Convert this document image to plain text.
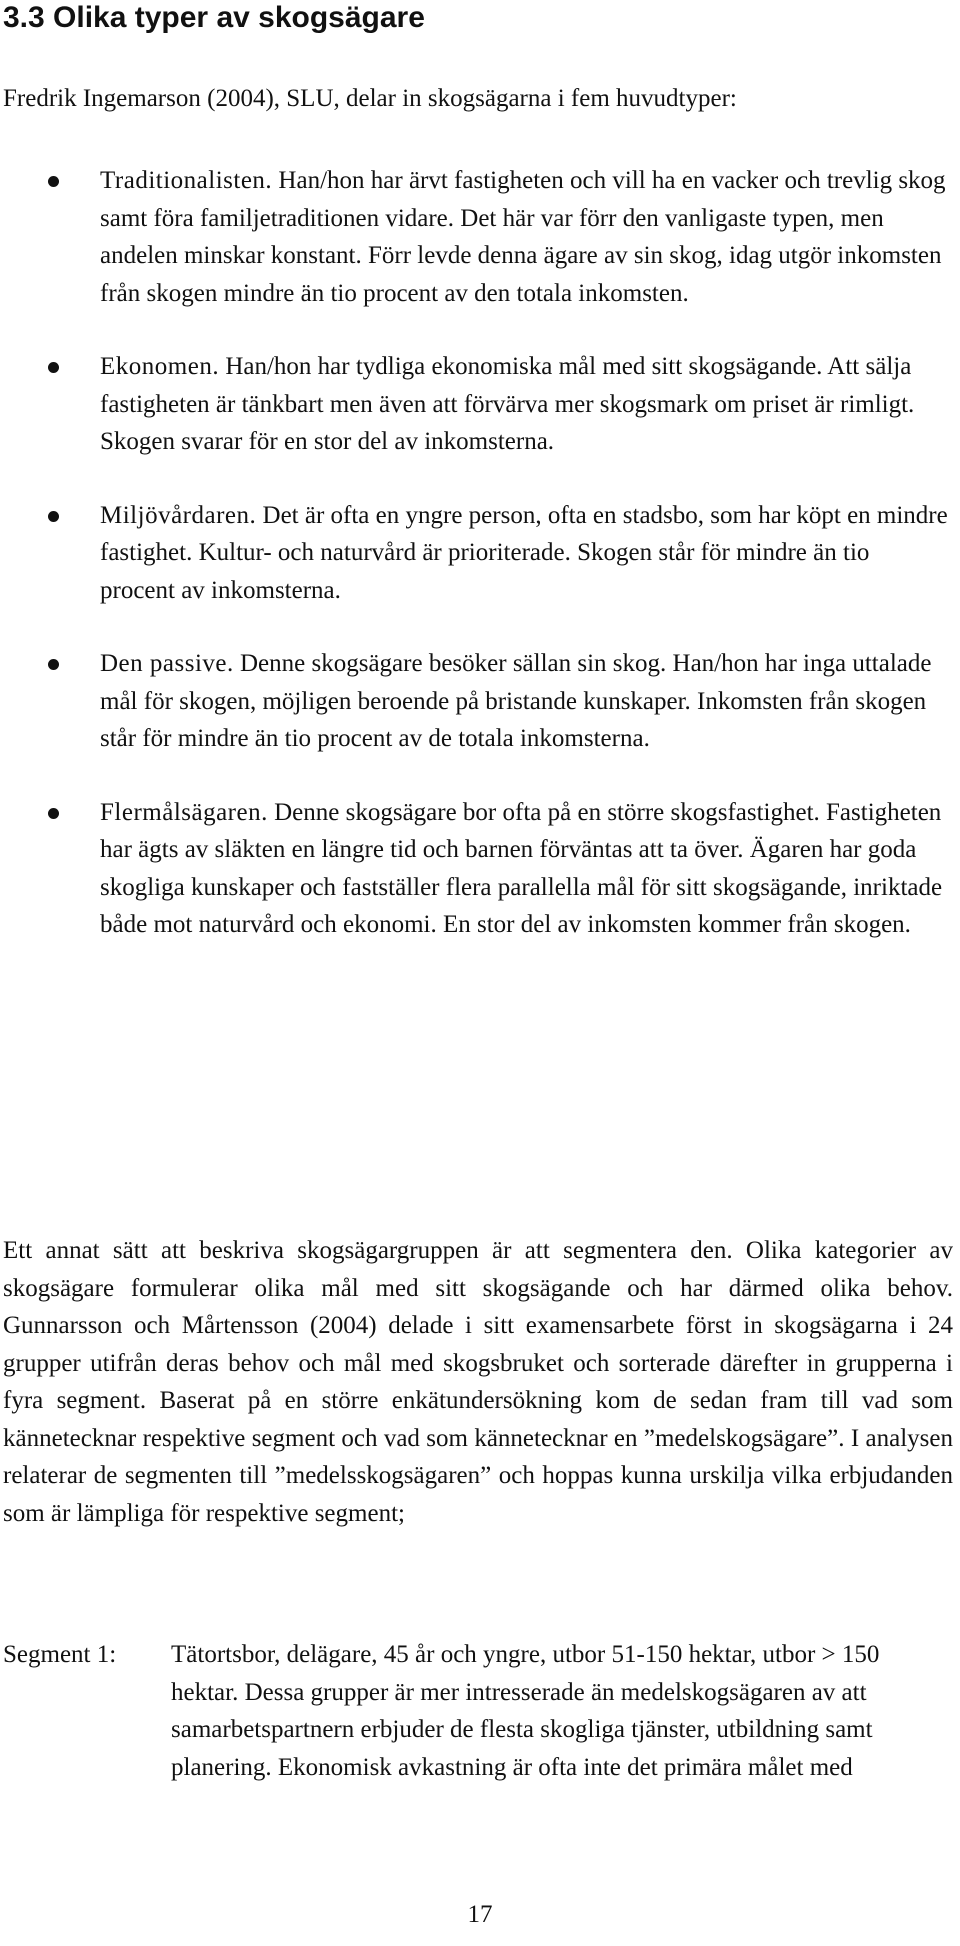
3.3 Olika typer av skogsägare

Fredrik Ingemarson (2004), SLU, delar in skogsägarna i fem huvudtyper:

Traditionalisten. Han/hon har ärvt fastigheten och vill ha en vacker och trevlig skog samt föra familjetraditionen vidare. Det här var förr den vanligaste typen, men andelen minskar konstant. Förr levde denna ägare av sin skog, idag utgör inkomsten från skogen mindre än tio procent av den totala inkomsten.
Ekonomen. Han/hon har tydliga ekonomiska mål med sitt skogsägande. Att sälja fastigheten är tänkbart men även att förvärva mer skogsmark om priset är rimligt. Skogen svarar för en stor del av inkomsterna.
Miljövårdaren. Det är ofta en yngre person, ofta en stadsbo, som har köpt en mindre fastighet. Kultur- och naturvård är prioriterade. Skogen står för mindre än tio procent av inkomsterna.
Den passive. Denne skogsägare besöker sällan sin skog. Han/hon har inga uttalade mål för skogen, möjligen beroende på bristande kunskaper. Inkomsten från skogen står för mindre än tio procent av de totala inkomsterna.
Flermålsägaren. Denne skogsägare bor ofta på en större skogsfastighet. Fastigheten har ägts av släkten en längre tid och barnen förväntas att ta över. Ägaren har goda skogliga kunskaper och fastställer flera parallella mål för sitt skogsägande, inriktade både mot naturvård och ekonomi. En stor del av inkomsten kommer från skogen.

Ett annat sätt att beskriva skogsägargruppen är att segmentera den. Olika kategorier av skogsägare formulerar olika mål med sitt skogsägande och har därmed olika behov. Gunnarsson och Mårtensson (2004) delade i sitt examensarbete först in skogsägarna i 24 grupper utifrån deras behov och mål med skogsbruket och sorterade därefter in grupperna i fyra segment. Baserat på en större enkätundersökning kom de sedan fram till vad som kännetecknar respektive segment och vad som kännetecknar en ”medelskogsägare”. I analysen relaterar de segmenten till ”medelsskogsägaren” och hoppas kunna urskilja vilka erbjudanden som är lämpliga för respektive segment;

Segment 1: Tätortsbor, delägare, 45 år och yngre, utbor 51-150 hektar, utbor > 150 hektar. Dessa grupper är mer intresserade än medelskogsägaren av att samarbetspartnern erbjuder de flesta skogliga tjänster, utbildning samt planering. Ekonomisk avkastning är ofta inte det primära målet med

17
